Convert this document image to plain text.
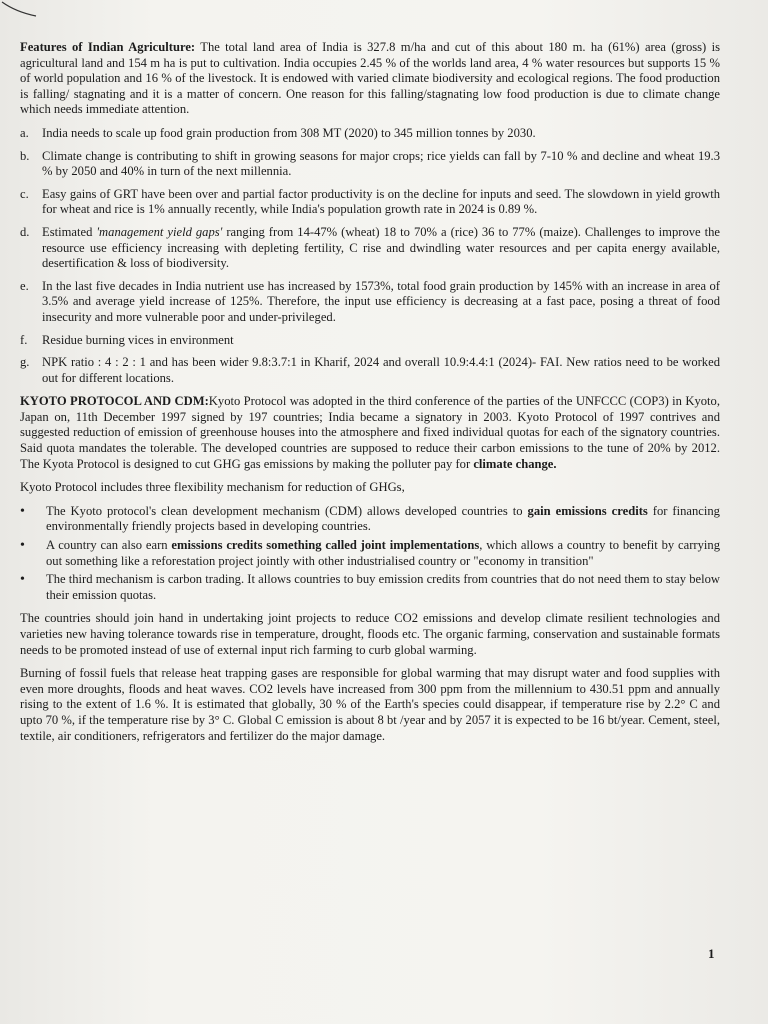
Features of Indian Agriculture: The total land area of India is 327.8 m/ha and cut of this about 180 m. ha (61%) area (gross) is agricultural land and 154 m ha is put to cultivation. India occupies 2.45 % of the worlds land area, 4 % water resources but supports 15 % of world population and 16 % of the livestock. It is endowed with varied climate biodiversity and ecological regions. The food production is falling/ stagnating and it is a matter of concern. One reason for this falling/stagnating low food production is due to climate change which needs immediate attention.

a.	India needs to scale up food grain production from 308 MT (2020) to 345 million tonnes by 2030.
b. Climate change is contributing to shift in growing seasons for major crops; rice yields can fall by 7-10 % and decline and wheat 19.3 % by 2050 and 40% in turn of the next millennia.
c.	Easy gains of GRT have been over and partial factor productivity is on the decline for inputs and seed. The slowdown in yield growth for wheat and rice is 1% annually recently, while India's population growth rate in 2024 is 0.89 %.
d. Estimated 'management yield gaps' ranging from 14-47% (wheat) 18 to 70% a (rice) 36 to 77% (maize). Challenges to improve the resource use efficiency increasing with depleting fertility, C rise and dwindling water resources and per capita energy available, desertification & loss of biodiversity.
e.	In the last five decades in India nutrient use has increased by 1573%, total food grain production by 145% with an increase in area of 3.5% and average yield increase of 125%. Therefore, the input use efficiency is decreasing at a fast pace, posing a threat of food insecurity and more vulnerable poor and under-privileged.
f.	Residue burning vices in environment
g. NPK ratio : 4 : 2 : 1 and has been wider 9.8:3.7:1 in Kharif, 2024 and overall 10.9:4.4:1 (2024)- FAI. New ratios need to be worked out for different locations.

KYOTO PROTOCOL AND CDM:Kyoto Protocol was adopted in the third conference of the parties of the UNFCCC (COP3) in Kyoto, Japan on, 11th December 1997 signed by 197 countries; India became a signatory in 2003. Kyoto Protocol of 1997 contrives and suggested reduction of emission of greenhouse houses into the atmosphere and fixed individual quotas for each of the signatory countries. Said quota mandates the tolerable. The developed countries are supposed to reduce their carbon emissions to the tune of 20% by 2012. The Kyota Protocol is designed to cut GHG gas emissions by making the polluter pay for climate change.

Kyoto Protocol includes three flexibility mechanism for reduction of GHGs,

•	The Kyoto protocol's clean development mechanism (CDM) allows developed countries to gain emissions credits for financing environmentally friendly projects based in developing countries.
•	A country can also earn emissions credits something called joint implementations, which allows a country to benefit by carrying out something like a reforestation project jointly with other industrialised country or "economy in transition"
•	The third mechanism is carbon trading. It allows countries to buy emission credits from countries that do not need them to stay below their emission quotas.

The countries should join hand in undertaking joint projects to reduce CO2 emissions and develop climate resilient technologies and varieties new having tolerance towards rise in temperature, drought, floods etc. The organic farming, conservation and sustainable formats needs to be promoted instead of use of external input rich farming to curb global warming.

Burning of fossil fuels that release heat trapping gases are responsible for global warming that may disrupt water and food supplies with even more droughts, floods and heat waves. CO2 levels have increased from 300 ppm from the millennium to 430.51 ppm and annually rising to the extent of 1.6 %. It is estimated that globally, 30 % of the Earth's species could disappear, if temperature rise by 2.2° C and upto 70 %, if the temperature rise by 3° C. Global C emission is about 8 bt /year and by 2057 it is expected to be 16 bt/year. Cement, steel, textile, air conditioners, refrigerators and fertilizer do the major damage.

1
